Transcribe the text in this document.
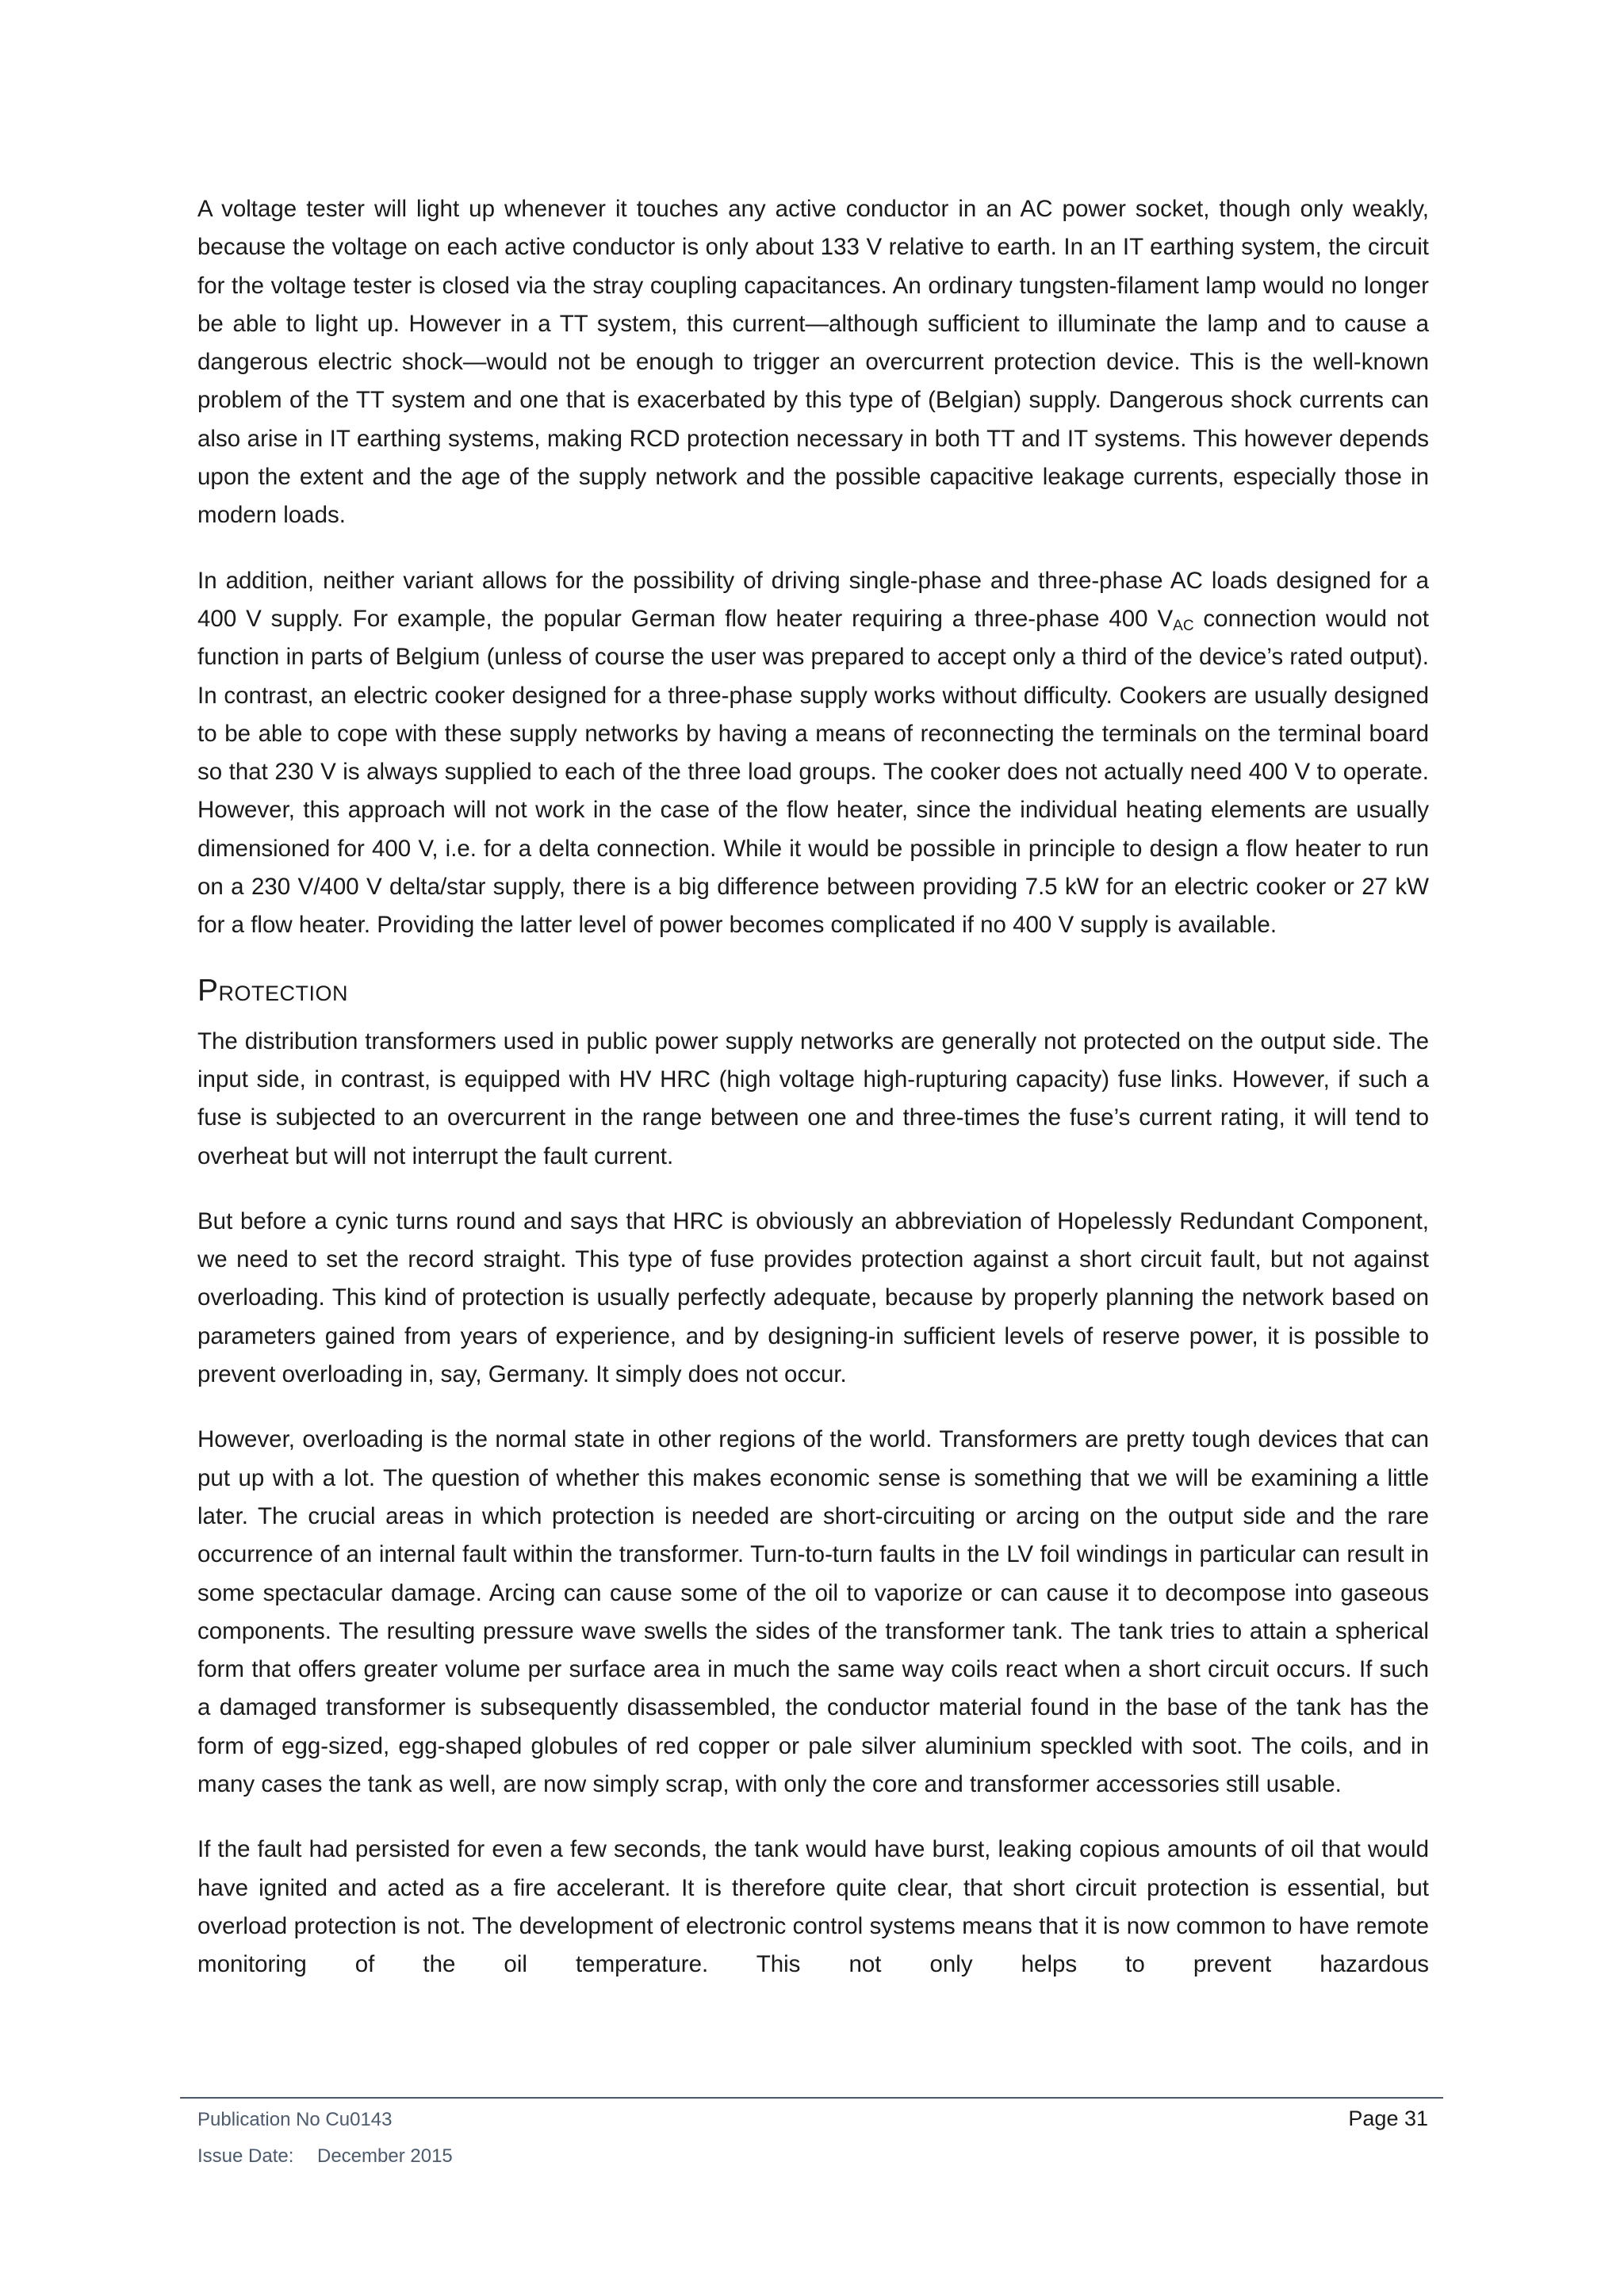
A voltage tester will light up whenever it touches any active conductor in an AC power socket, though only weakly, because the voltage on each active conductor is only about 133 V relative to earth. In an IT earthing system, the circuit for the voltage tester is closed via the stray coupling capacitances. An ordinary tungsten-filament lamp would no longer be able to light up. However in a TT system, this current—although sufficient to illuminate the lamp and to cause a dangerous electric shock—would not be enough to trigger an overcurrent protection device. This is the well-known problem of the TT system and one that is exacerbated by this type of (Belgian) supply. Dangerous shock currents can also arise in IT earthing systems, making RCD protection necessary in both TT and IT systems. This however depends upon the extent and the age of the supply network and the possible capacitive leakage currents, especially those in modern loads.

In addition, neither variant allows for the possibility of driving single-phase and three-phase AC loads designed for a 400 V supply. For example, the popular German flow heater requiring a three-phase 400 $V_{AC}$ connection would not function in parts of Belgium (unless of course the user was prepared to accept only a third of the device’s rated output). In contrast, an electric cooker designed for a three-phase supply works without difficulty. Cookers are usually designed to be able to cope with these supply networks by having a means of reconnecting the terminals on the terminal board so that 230 V is always supplied to each of the three load groups. The cooker does not actually need 400 V to operate. However, this approach will not work in the case of the flow heater, since the individual heating elements are usually dimensioned for 400 V, i.e. for a delta connection. While it would be possible in principle to design a flow heater to run on a 230 V/400 V delta/star supply, there is a big difference between providing 7.5 kW for an electric cooker or 27 kW for a flow heater. Providing the latter level of power becomes complicated if no 400 V supply is available.

Protection

The distribution transformers used in public power supply networks are generally not protected on the output side. The input side, in contrast, is equipped with HV HRC (high voltage high-rupturing capacity) fuse links. However, if such a fuse is subjected to an overcurrent in the range between one and three-times the fuse’s current rating, it will tend to overheat but will not interrupt the fault current.

But before a cynic turns round and says that HRC is obviously an abbreviation of Hopelessly Redundant Component, we need to set the record straight. This type of fuse provides protection against a short circuit fault, but not against overloading. This kind of protection is usually perfectly adequate, because by properly planning the network based on parameters gained from years of experience, and by designing-in sufficient levels of reserve power, it is possible to prevent overloading in, say, Germany. It simply does not occur.

However, overloading is the normal state in other regions of the world. Transformers are pretty tough devices that can put up with a lot. The question of whether this makes economic sense is something that we will be examining a little later. The crucial areas in which protection is needed are short-circuiting or arcing on the output side and the rare occurrence of an internal fault within the transformer. Turn-to-turn faults in the LV foil windings in particular can result in some spectacular damage. Arcing can cause some of the oil to vaporize or can cause it to decompose into gaseous components. The resulting pressure wave swells the sides of the transformer tank. The tank tries to attain a spherical form that offers greater volume per surface area in much the same way coils react when a short circuit occurs. If such a damaged transformer is subsequently disassembled, the conductor material found in the base of the tank has the form of egg-sized, egg-shaped globules of red copper or pale silver aluminium speckled with soot. The coils, and in many cases the tank as well, are now simply scrap, with only the core and transformer accessories still usable.

If the fault had persisted for even a few seconds, the tank would have burst, leaking copious amounts of oil that would have ignited and acted as a fire accelerant. It is therefore quite clear, that short circuit protection is essential, but overload protection is not. The development of electronic control systems means that it is now common to have remote monitoring of the oil temperature. This not only helps to prevent hazardous

Publication No Cu0143	Page 31
Issue Date: December 2015
